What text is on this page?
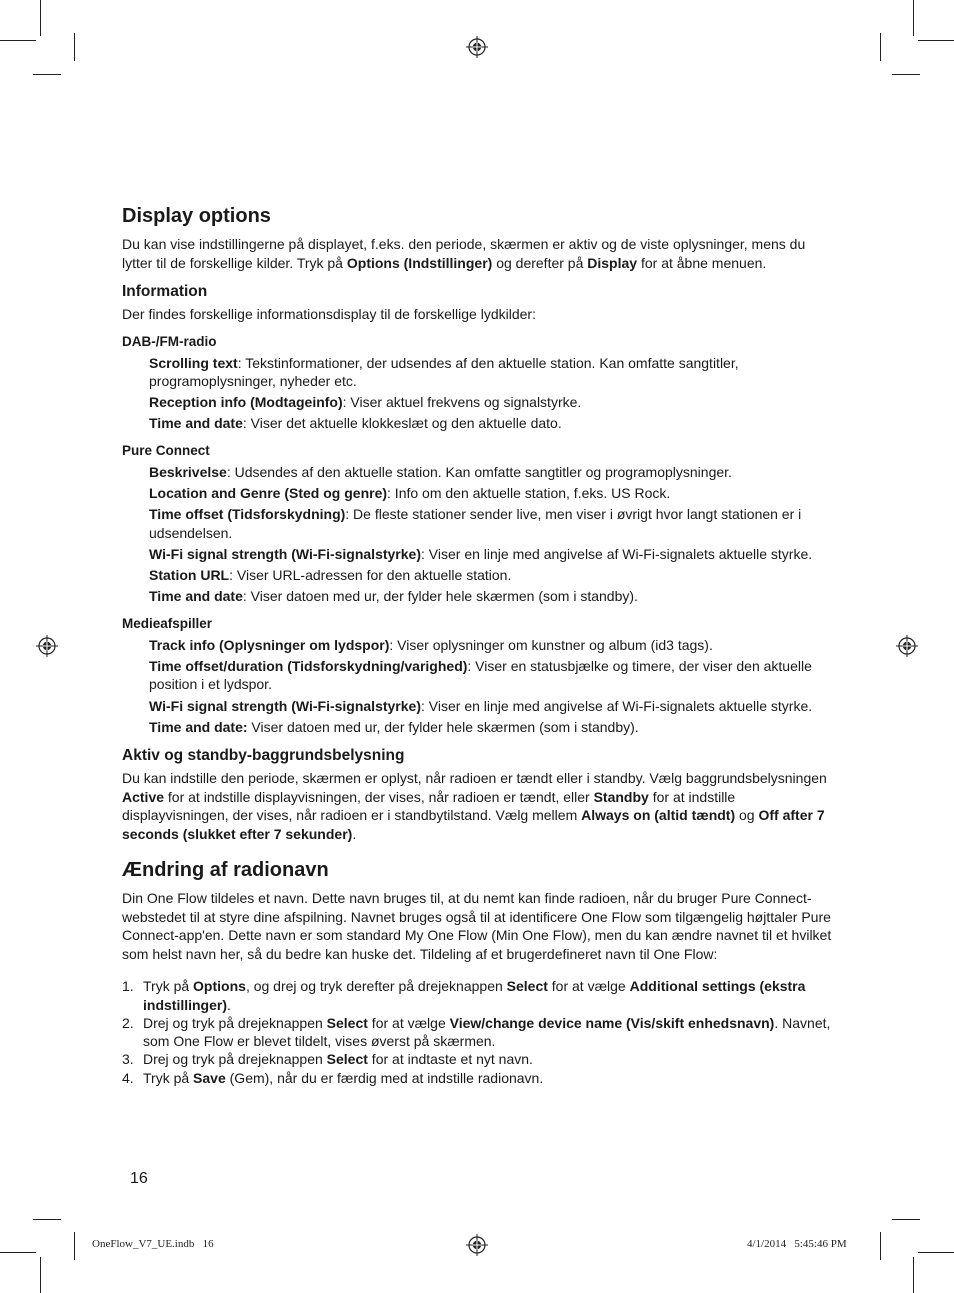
Display options

Du kan vise indstillingerne på displayet, f.eks. den periode, skærmen er aktiv og de viste oplysninger, mens du lytter til de forskellige kilder. Tryk på Options (Indstillinger) og derefter på Display for at åbne menuen.

Information

Der findes forskellige informationsdisplay til de forskellige lydkilder:

DAB-/FM-radio
Scrolling text: Tekstinformationer, der udsendes af den aktuelle station. Kan omfatte sangtitler, programoplysninger, nyheder etc.
Reception info (Modtageinfo): Viser aktuel frekvens og signalstyrke.
Time and date: Viser det aktuelle klokkeslæt og den aktuelle dato.
Pure Connect
Beskrivelse: Udsendes af den aktuelle station. Kan omfatte sangtitler og programoplysninger.
Location and Genre (Sted og genre): Info om den aktuelle station, f.eks. US Rock.
Time offset (Tidsforskydning): De fleste stationer sender live, men viser i øvrigt hvor langt stationen er i udsendelsen.
Wi-Fi signal strength (Wi-Fi-signalstyrke): Viser en linje med angivelse af Wi-Fi-signalets aktuelle styrke.
Station URL: Viser URL-adressen for den aktuelle station.
Time and date: Viser datoen med ur, der fylder hele skærmen (som i standby).
Medieafspiller
Track info (Oplysninger om lydspor): Viser oplysninger om kunstner og album (id3 tags).
Time offset/duration (Tidsforskydning/varighed): Viser en statusbjælke og timere, der viser den aktuelle position i et lydspor.
Wi-Fi signal strength (Wi-Fi-signalstyrke): Viser en linje med angivelse af Wi-Fi-signalets aktuelle styrke.
Time and date: Viser datoen med ur, der fylder hele skærmen (som i standby).
Aktiv og standby-baggrundsbelysning

Du kan indstille den periode, skærmen er oplyst, når radioen er tændt eller i standby. Vælg baggrundsbelysningen Active for at indstille displayvisningen, der vises, når radioen er tændt, eller Standby for at indstille displayvisningen, der vises, når radioen er i standbytilstand. Vælg mellem Always on (altid tændt) og Off after 7 seconds (slukket efter 7 sekunder).

Ændring af radionavn

Din One Flow tildeles et navn. Dette navn bruges til, at du nemt kan finde radioen, når du bruger Pure Connect-webstedet til at styre dine afspilning. Navnet bruges også til at identificere One Flow som tilgængelig højttaler Pure Connect-app'en. Dette navn er som standard My One Flow (Min One Flow), men du kan ændre navnet til et hvilket som helst navn her, så du bedre kan huske det. Tildeling af et brugerdefineret navn til One Flow:

1. Tryk på Options, og drej og tryk derefter på drejeknappen Select for at vælge Additional settings (ekstra indstillinger).
2. Drej og tryk på drejeknappen Select for at vælge View/change device name (Vis/skift enhedsnavn). Navnet, som One Flow er blevet tildelt, vises øverst på skærmen.
3. Drej og tryk på drejeknappen Select for at indtaste et nyt navn.
4. Tryk på Save (Gem), når du er færdig med at indstille radionavn.
16
OneFlow_V7_UE.indb   16	4/1/2014   5:45:46 PM
